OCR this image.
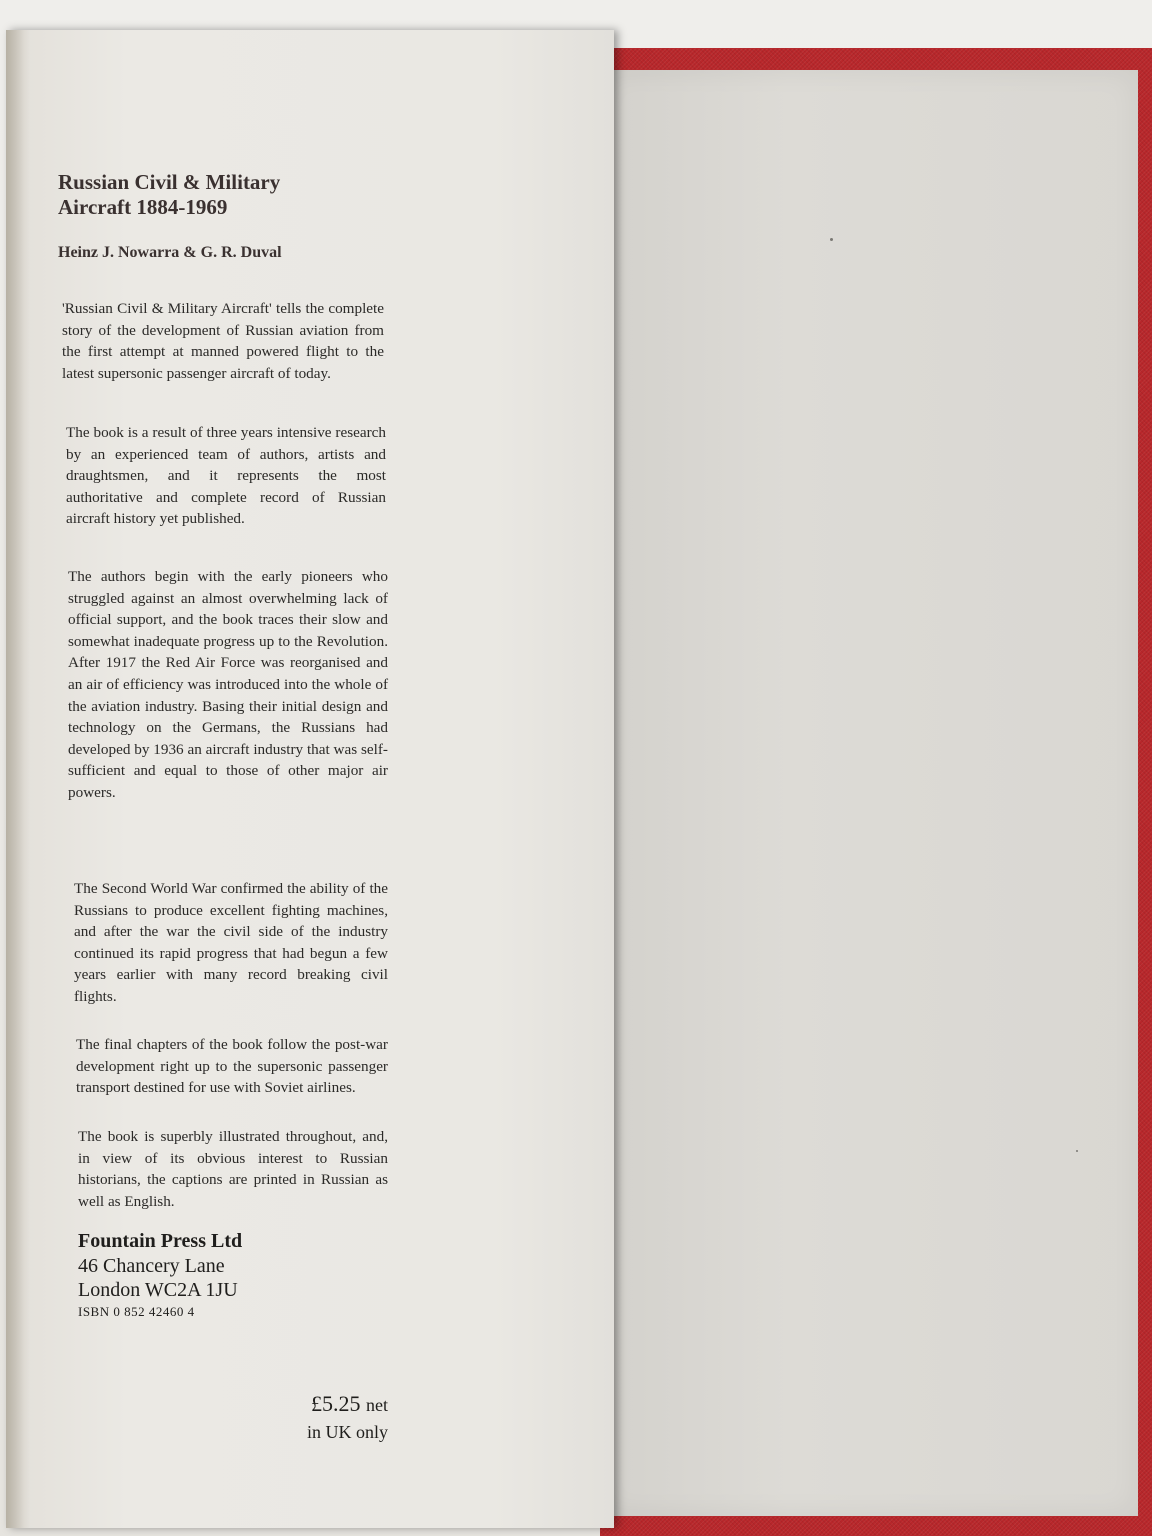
Russian Civil & Military

Aircraft 1884-1969

Heinz J. Nowarra & G. R. Duval

'Russian Civil & Military Aircraft' tells the complete story of the development of Russian aviation from the first attempt at manned powered flight to the latest supersonic passenger aircraft of today.

The book is a result of three years intensive research by an experienced team of authors, artists and draughtsmen, and it represents the most authoritative and complete record of Russian aircraft history yet published.

The authors begin with the early pioneers who struggled against an almost overwhelming lack of official support, and the book traces their slow and somewhat inadequate progress up to the Revolution. After 1917 the Red Air Force was reorganised and an air of efficiency was introduced into the whole of the aviation industry. Basing their initial design and technology on the Germans, the Russians had developed by 1936 an aircraft industry that was self-sufficient and equal to those of other major air powers.

The Second World War confirmed the ability of the Russians to produce excellent fighting machines, and after the war the civil side of the industry continued its rapid progress that had begun a few years earlier with many record breaking civil flights.

The final chapters of the book follow the post-war development right up to the supersonic passenger transport destined for use with Soviet airlines.

The book is superbly illustrated throughout, and, in view of its obvious interest to Russian historians, the captions are printed in Russian as well as English.

Fountain Press Ltd

46 Chancery Lane

London WC2A 1JU

ISBN 0 852 42460 4

£5.25 net

in UK only
